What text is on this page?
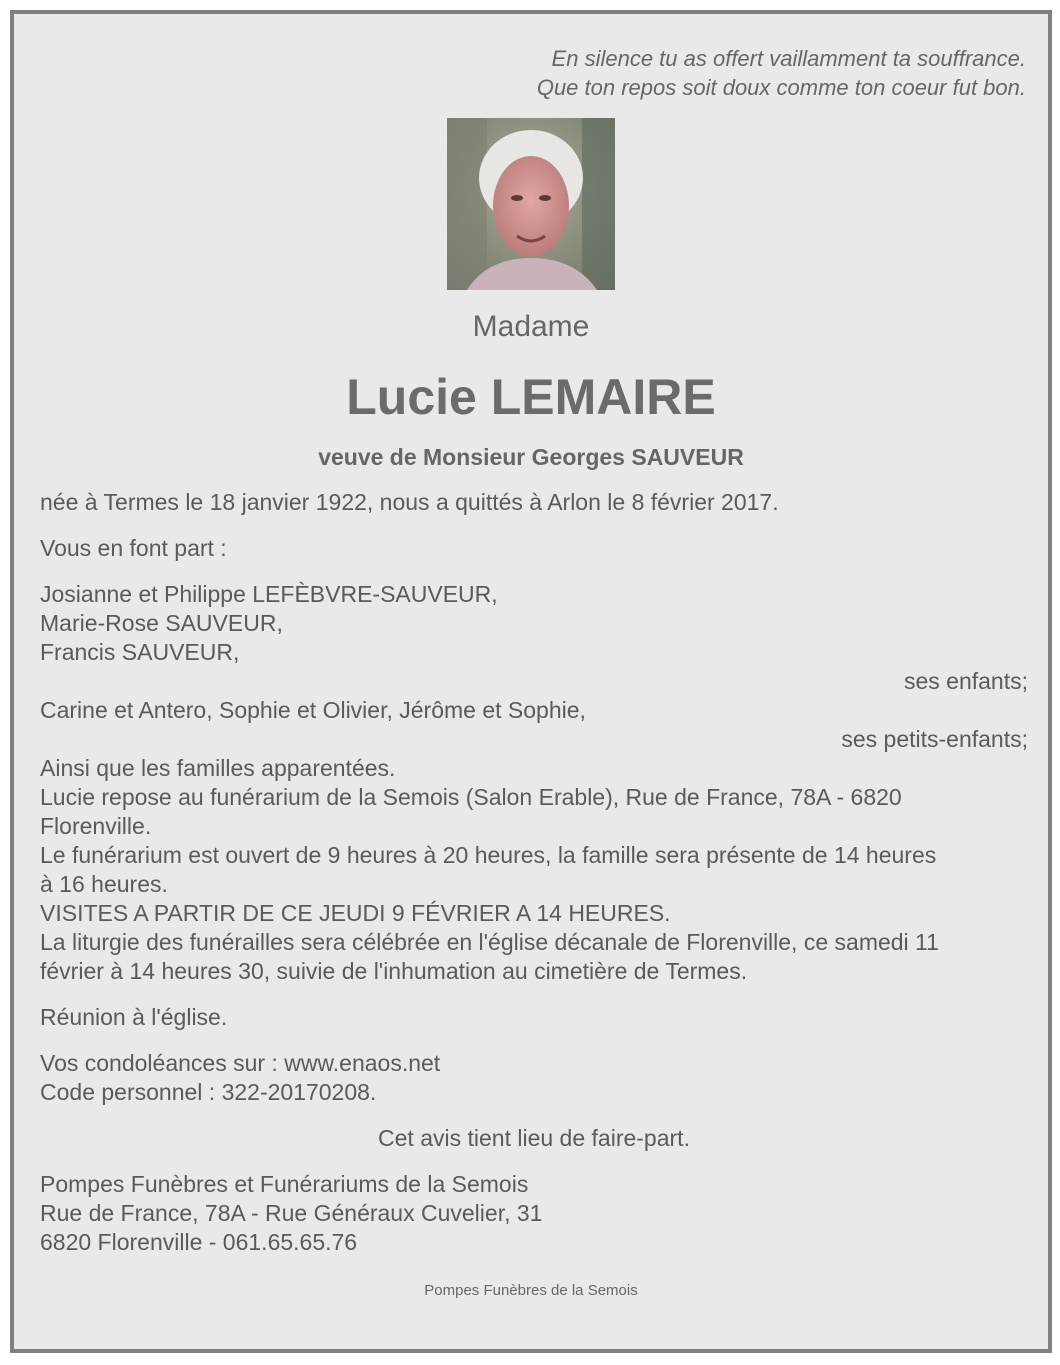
En silence tu as offert vaillamment ta souffrance.
Que ton repos soit doux comme ton coeur fut bon.
Madame
Lucie LEMAIRE
veuve de Monsieur Georges SAUVEUR

née à Termes le 18 janvier 1922, nous a quittés à Arlon le 8 février 2017.

Vous en font part :

Josianne et Philippe LEFÈBVRE-SAUVEUR,

Marie-Rose SAUVEUR,

Francis SAUVEUR,

ses enfants;

Carine et Antero, Sophie et Olivier, Jérôme et Sophie,

ses petits-enfants;

Ainsi que les familles apparentées.

Lucie repose au funérarium de la Semois (Salon Erable), Rue de France, 78A - 6820

Florenville.

Le funérarium est ouvert de 9 heures à 20 heures, la famille sera présente de 14 heures

à 16 heures.

VISITES A PARTIR DE CE JEUDI 9 FÉVRIER A 14 HEURES.

La liturgie des funérailles sera célébrée en l'église décanale de Florenville, ce samedi 11

février à 14 heures 30, suivie de l'inhumation au cimetière de Termes.

Réunion à l'église.

Vos condoléances sur : www.enaos.net

Code personnel : 322-20170208.

Cet avis tient lieu de faire-part.

Pompes Funèbres et Funérariums de la Semois

Rue de France, 78A - Rue Généraux Cuvelier, 31

6820 Florenville - 061.65.65.76

Pompes Funèbres de la Semois
